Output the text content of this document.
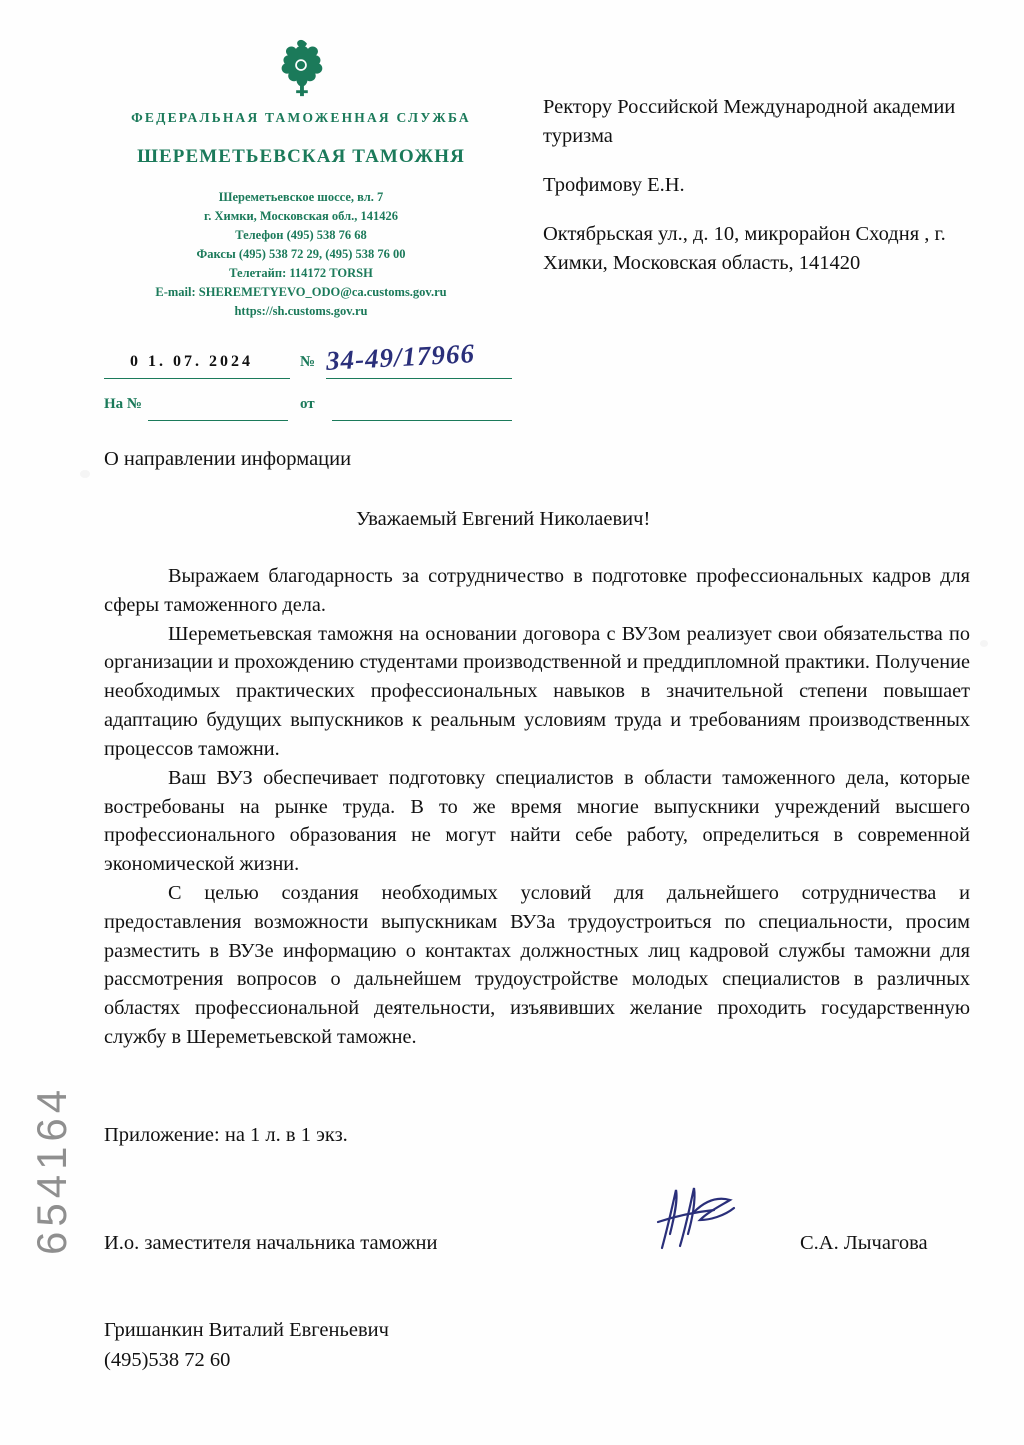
ФЕДЕРАЛЬНАЯ ТАМОЖЕННАЯ СЛУЖБА
ШЕРЕМЕТЬЕВСКАЯ ТАМОЖНЯ
Шереметьевское шоссе, вл. 7
г. Химки, Московская обл., 141426
Телефон (495) 538 76 68
Факсы (495) 538 72 29, (495) 538 76 00
Телетайп: 114172 TORSH
E-mail: SHEREMETYEVO_ODO@ca.customs.gov.ru
https://sh.customs.gov.ru
0 1. 07. 2024	№ 34-49/17966
На №	от

Ректору Российской Международной академии туризма

Трофимову Е.Н.

Октябрьская ул., д. 10, микрорайон Сходня , г. Химки, Московская область, 141420

О направлении информации
Уважаемый Евгений Николаевич!

Выражаем благодарность за сотрудничество в подготовке профессиональных кадров для сферы таможенного дела.

Шереметьевская таможня на основании договора с ВУЗом реализует свои обязательства по организации и прохождению студентами производственной и преддипломной практики. Получение необходимых практических профессиональных навыков в значительной степени повышает адаптацию будущих выпускников к реальным условиям труда и требованиям производственных процессов таможни.

Ваш ВУЗ обеспечивает подготовку специалистов в области таможенного дела, которые востребованы на рынке труда. В то же время многие выпускники учреждений высшего профессионального образования не могут найти себе работу, определиться в современной экономической жизни.

С целью создания необходимых условий для дальнейшего сотрудничества и предоставления возможности выпускникам ВУЗа трудоустроиться по специальности, просим разместить в ВУЗе информацию о контактах должностных лиц кадровой службы таможни для рассмотрения вопросов о дальнейшем трудоустройстве молодых специалистов в различных областях профессиональной деятельности, изъявивших желание проходить государственную службу в Шереметьевской таможне.

Приложение: на 1 л. в 1 экз.
И.о. заместителя начальника таможни	С.А. Лычагова
Гришанкин Виталий Евгеньевич
(495)538 72 60
654164
